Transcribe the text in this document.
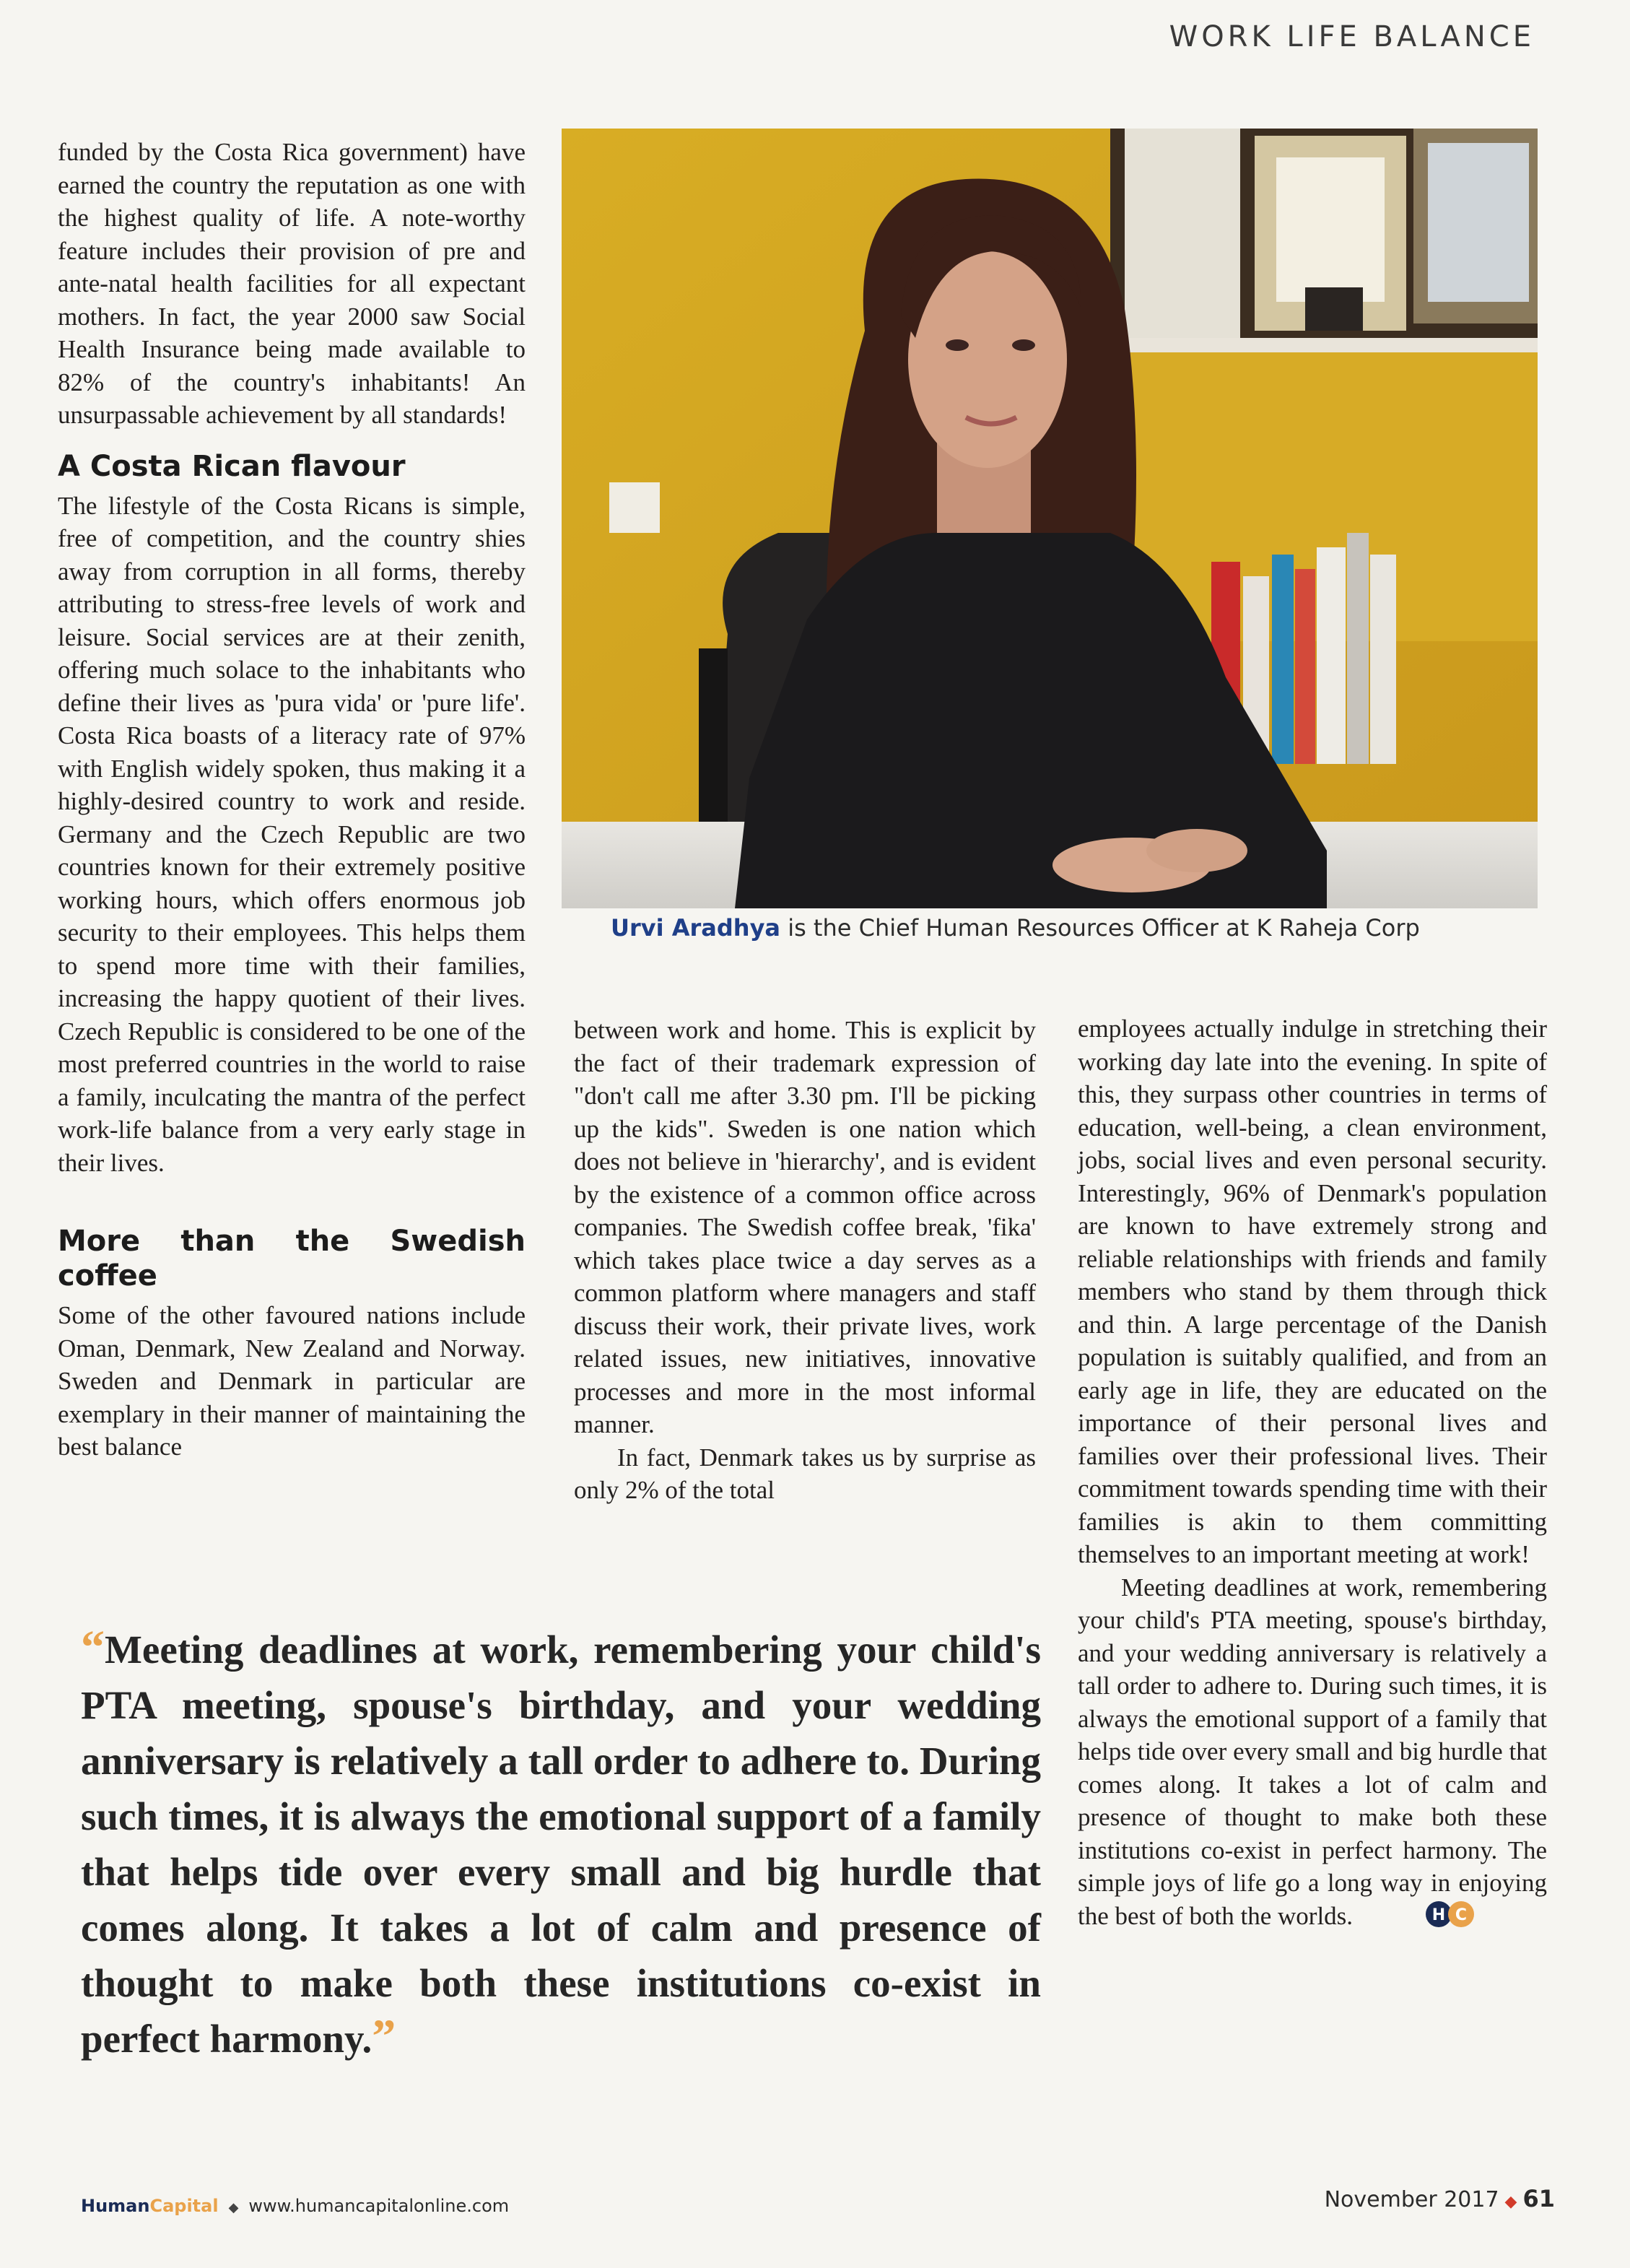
WORK LIFE BALANCE

funded by the Costa Rica government) have earned the country the reputation as one with the highest quality of life. A note-worthy feature includes their provision of pre and ante-natal health facilities for all expectant mothers. In fact, the year 2000 saw Social Health Insurance being made available to 82% of the country's inhabitants! An unsurpassable achievement by all standards!

A Costa Rican flavour

The lifestyle of the Costa Ricans is simple, free of competition, and the country shies away from corruption in all forms, thereby attributing to stress-free levels of work and leisure. Social services are at their zenith, offering much solace to the inhabitants who define their lives as 'pura vida' or 'pure life'. Costa Rica boasts of a literacy rate of 97% with English widely spoken, thus making it a highly-desired country to work and reside. Germany and the Czech Republic are two countries known for their extremely positive working hours, which offers enormous job security to their employees. This helps them to spend more time with their families, increasing the happy quotient of their lives. Czech Republic is considered to be one of the most preferred countries in the world to raise a family, inculcating the mantra of the perfect work-life balance from a very early stage in their lives.

More than the Swedish coffee

Some of the other favoured nations include Oman, Denmark, New Zealand and Norway. Sweden and Denmark in particular are exemplary in their manner of maintaining the best balance

Urvi Aradhya is the Chief Human Resources Officer at K Raheja Corp

between work and home. This is explicit by the fact of their trademark expression of "don't call me after 3.30 pm. I'll be picking up the kids". Sweden is one nation which does not believe in 'hierarchy', and is evident by the existence of a common office across companies. The Swedish coffee break, 'fika' which takes place twice a day serves as a common platform where managers and staff discuss their work, their private lives, work related issues, new initiatives, innovative processes and more in the most informal manner.

In fact, Denmark takes us by surprise as only 2% of the total

employees actually indulge in stretching their working day late into the evening. In spite of this, they surpass other countries in terms of education, well-being, a clean environment, jobs, social lives and even personal security. Interestingly, 96% of Denmark's population are known to have extremely strong and reliable relationships with friends and family members who stand by them through thick and thin. A large percentage of the Danish population is suitably qualified, and from an early age in life, they are educated on the importance of their personal lives and families over their professional lives. Their commitment towards spending time with their families is akin to them committing themselves to an important meeting at work!

Meeting deadlines at work, remembering your child's PTA meeting, spouse's birthday, and your wedding anniversary is relatively a tall order to adhere to. During such times, it is always the emotional support of a family that helps tide over every small and big hurdle that comes along. It takes a lot of calm and presence of thought to make both these institutions co-exist in perfect harmony. The simple joys of life go a long way in enjoying the best of both the worlds.	H C

“Meeting deadlines at work, remembering your child's PTA meeting, spouse's birthday, and your wedding anniversary is relatively a tall order to adhere to. During such times, it is always the emotional support of a family that helps tide over every small and big hurdle that comes along. It takes a lot of calm and presence of thought to make both these institutions co-exist in perfect harmony.”
HumanCapital ◆ www.humancapitalonline.com	November 2017 ◆ 61
